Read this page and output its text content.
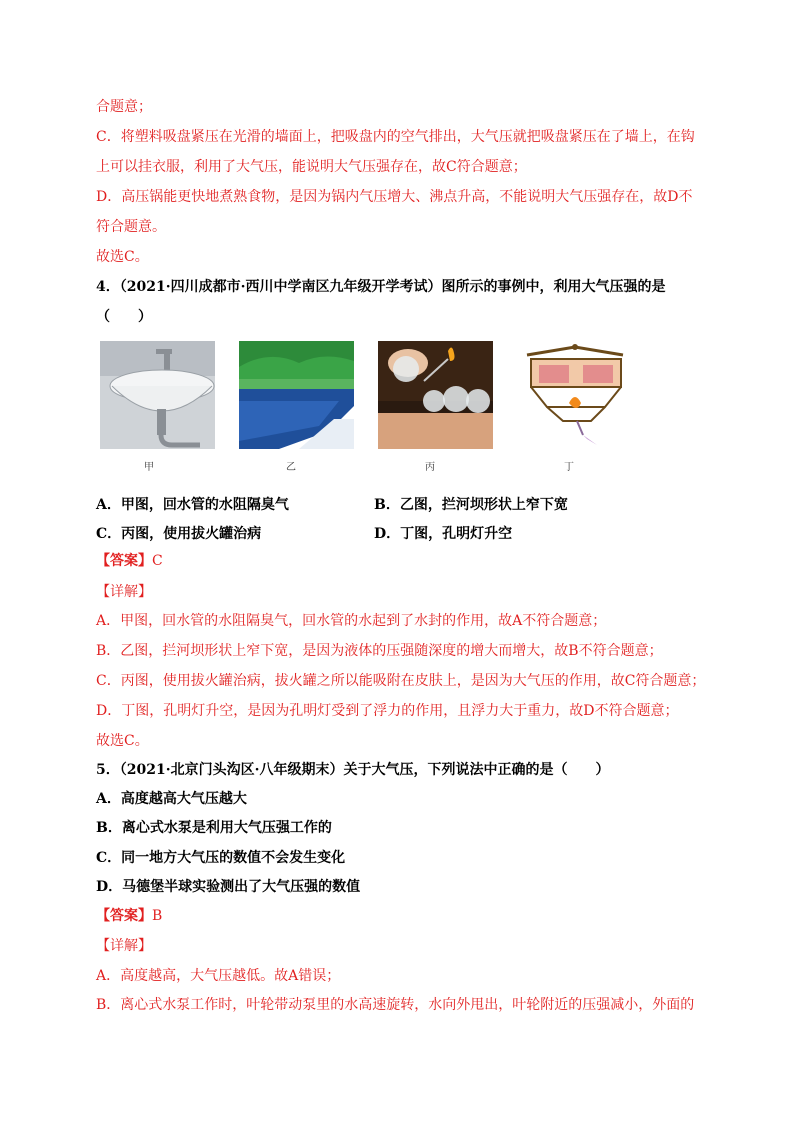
合题意；
C．将塑料吸盘紧压在光滑的墙面上，把吸盘内的空气排出，大气压就把吸盘紧压在了墙上，在钩
上可以挂衣服，利用了大气压，能说明大气压强存在，故C符合题意；
D．高压锅能更快地煮熟食物，是因为锅内气压增大、沸点升高，不能说明大气压强存在，故D不
符合题意。
故选C。
4．（2021·四川成都市·西川中学南区九年级开学考试）图所示的事例中，利用大气压强的是
（　　）
甲	乙	丙	丁
A．甲图，回水管的水阻隔臭气	B．乙图，拦河坝形状上窄下宽
C．丙图，使用拔火罐治病	D．丁图，孔明灯升空
【答案】C
【详解】
A．甲图，回水管的水阻隔臭气，回水管的水起到了水封的作用，故A不符合题意；
B．乙图，拦河坝形状上窄下宽，是因为液体的压强随深度的增大而增大，故B不符合题意；
C．丙图，使用拔火罐治病，拔火罐之所以能吸附在皮肤上，是因为大气压的作用，故C符合题意；
D．丁图，孔明灯升空，是因为孔明灯受到了浮力的作用，且浮力大于重力，故D不符合题意；
故选C。
5．（2021·北京门头沟区·八年级期末）关于大气压，下列说法中正确的是（　　）
A．高度越高大气压越大
B．离心式水泵是利用大气压强工作的
C．同一地方大气压的数值不会发生变化
D．马德堡半球实验测出了大气压强的数值
【答案】B
【详解】
A．高度越高，大气压越低。故A错误；
B．离心式水泵工作时，叶轮带动泵里的水高速旋转，水向外甩出，叶轮附近的压强减小，外面的
